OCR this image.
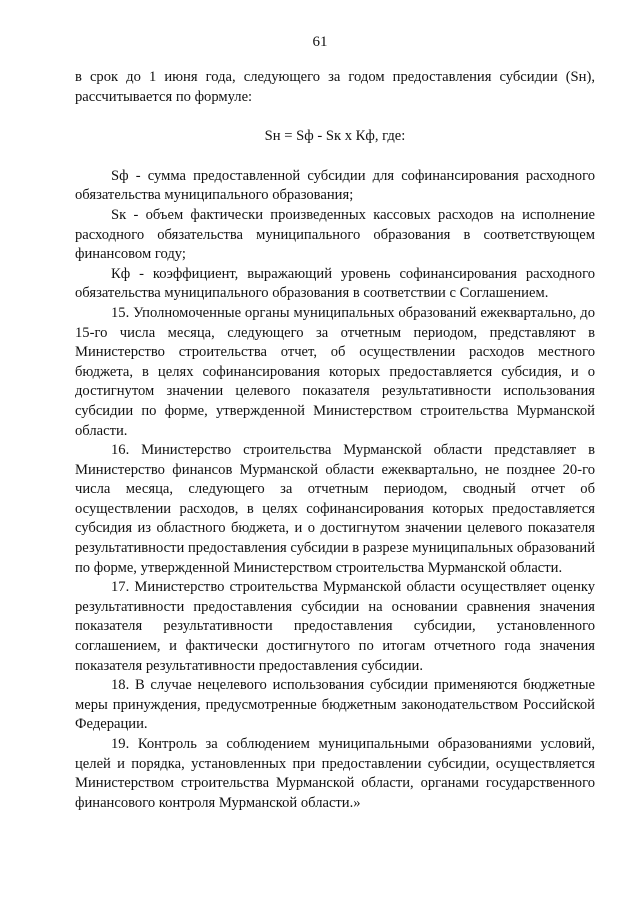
61

в срок до 1 июня года, следующего за годом предоставления субсидии (Sн), рассчитывается по формуле:

Sн = Sф - Sк х Кф, где:

Sф - сумма предоставленной субсидии для софинансирования расходного обязательства муниципального образования;

Sк - объем фактически произведенных кассовых расходов на исполнение расходного обязательства муниципального образования в соответствующем финансовом году;

Кф - коэффициент, выражающий уровень софинансирования расходного обязательства муниципального образования в соответствии с Соглашением.

15. Уполномоченные органы муниципальных образований ежеквартально, до 15-го числа месяца, следующего за отчетным периодом, представляют в Министерство строительства отчет, об осуществлении расходов местного бюджета, в целях софинансирования которых предоставляется субсидия, и о достигнутом значении целевого показателя результативности использования субсидии по форме, утвержденной Министерством строительства Мурманской области.

16. Министерство строительства Мурманской области представляет в Министерство финансов Мурманской области ежеквартально, не позднее 20-го числа месяца, следующего за отчетным периодом, сводный отчет об осуществлении расходов, в целях софинансирования которых предоставляется субсидия из областного бюджета, и о достигнутом значении целевого показателя результативности предоставления субсидии в разрезе муниципальных образований по форме, утвержденной Министерством строительства Мурманской области.

17. Министерство строительства Мурманской области осуществляет оценку результативности предоставления субсидии на основании сравнения значения показателя результативности предоставления субсидии, установленного соглашением, и фактически достигнутого по итогам отчетного года значения показателя результативности предоставления субсидии.

18. В случае нецелевого использования субсидии применяются бюджетные меры принуждения, предусмотренные бюджетным законодательством Российской Федерации.

19. Контроль за соблюдением муниципальными образованиями условий, целей и порядка, установленных при предоставлении субсидии, осуществляется Министерством строительства Мурманской области, органами государственного финансового контроля Мурманской области.»
